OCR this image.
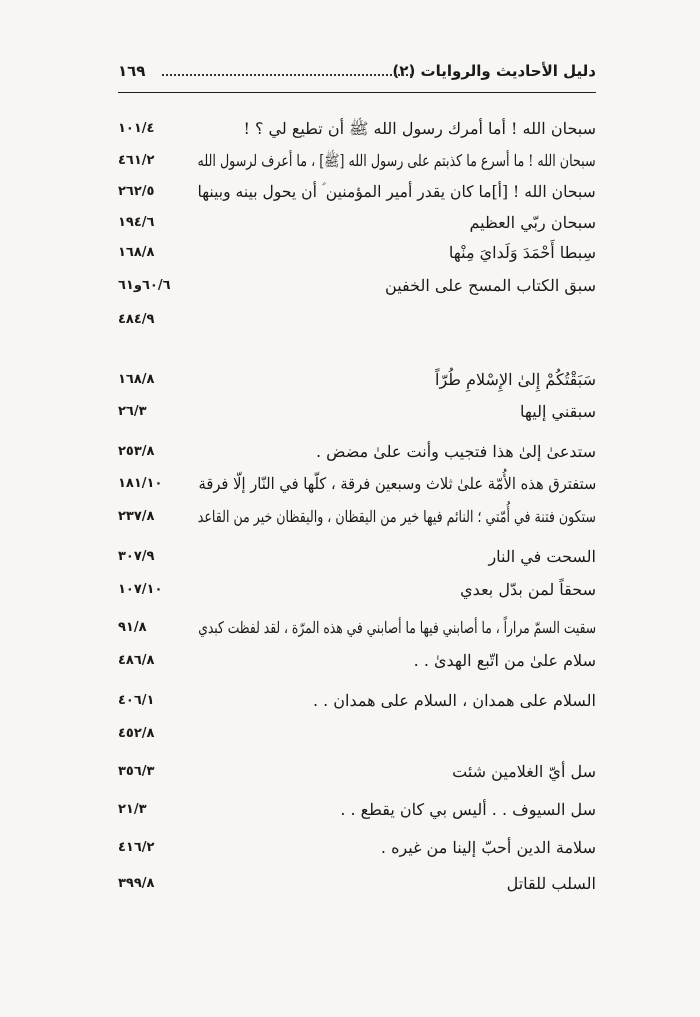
دليل الأحاديث والروايات (٢)
١٦٩
سبحان الله ! أما أمرك رسول الله ﷺ أن تطيع لي ؟ !
١٠١/٤
سبحان الله ! ما أسرع ما كذبتم على رسول الله [ﷺ] ، ما أعرف لرسول الله
٤٦١/٢
سبحان الله ! [أ]ما كان يقدر أمير المؤمنين ؑ أن يحول بينه وبينها
٢٦٢/٥
سبحان ربّي العظيم
١٩٤/٦
سِبطا أَحْمَدَ وَلَدايَ مِنْها
١٦٨/٨
سبق الكتاب المسح على الخفين
٦٠/٦و٦١
٤٨٤/٩
سَبَقْتُكُمْ إِلىٰ الإِسْلامِ طُرّاً
١٦٨/٨
سبقني إليها
٢٦/٣
ستدعىٰ إلىٰ هذا فتجيب وأنت علىٰ مضض .
٢٥٣/٨
ستفترق هذه الأُمّة علىٰ ثلاث وسبعين فرقة ، كلّها في النّار إلّا فرقة
١٨١/١٠
ستكون فتنة في أُمّتي ؛ النائم فيها خير من اليقظان ، واليقظان خير من القاعد
٢٣٧/٨
السحت في النار
٣٠٧/٩
سحقاً لمن بدّل بعدي
١٠٧/١٠
سقيت السمّ مراراً ، ما أصابني فيها ما أصابني في هذه المرّة ، لقد لفظت كبدي
٩١/٨
سلام علىٰ من اتّبع الهدىٰ . .
٤٨٦/٨
السلام على همدان ، السلام على همدان . .
٤٠٦/١
٤٥٢/٨
سل أيّ الغلامين شئت
٣٥٦/٣
سل السيوف . . أليس بي كان يقطع . .
٢١/٣
سلامة الدين أحبّ إلينا من غيره .
٤١٦/٢
السلب للقاتل
٣٩٩/٨
